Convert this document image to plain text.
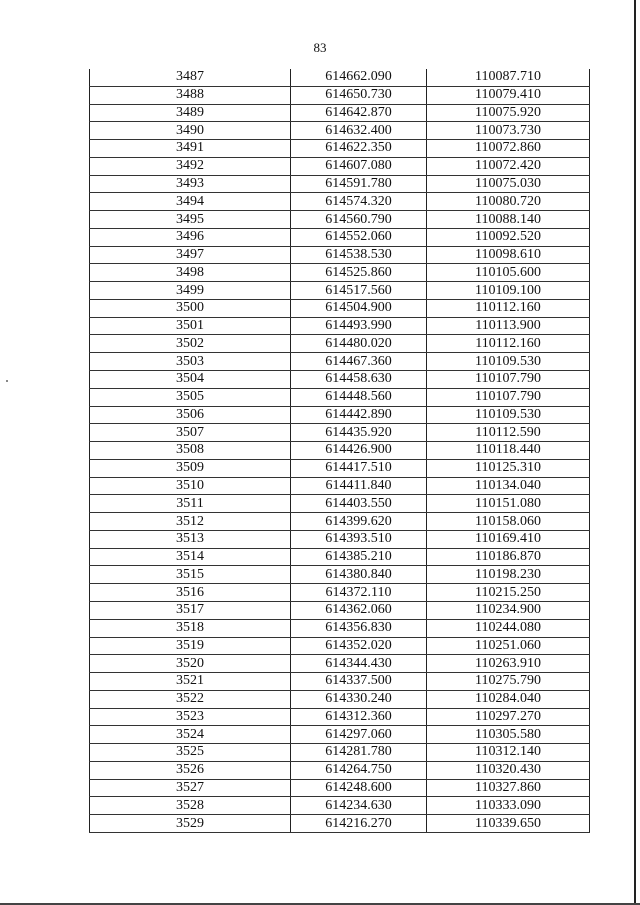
83
3487	614662.090	110087.710
3488	614650.730	110079.410
3489	614642.870	110075.920
3490	614632.400	110073.730
3491	614622.350	110072.860
3492	614607.080	110072.420
3493	614591.780	110075.030
3494	614574.320	110080.720
3495	614560.790	110088.140
3496	614552.060	110092.520
3497	614538.530	110098.610
3498	614525.860	110105.600
3499	614517.560	110109.100
3500	614504.900	110112.160
3501	614493.990	110113.900
3502	614480.020	110112.160
3503	614467.360	110109.530
3504	614458.630	110107.790
3505	614448.560	110107.790
3506	614442.890	110109.530
3507	614435.920	110112.590
3508	614426.900	110118.440
3509	614417.510	110125.310
3510	614411.840	110134.040
3511	614403.550	110151.080
3512	614399.620	110158.060
3513	614393.510	110169.410
3514	614385.210	110186.870
3515	614380.840	110198.230
3516	614372.110	110215.250
3517	614362.060	110234.900
3518	614356.830	110244.080
3519	614352.020	110251.060
3520	614344.430	110263.910
3521	614337.500	110275.790
3522	614330.240	110284.040
3523	614312.360	110297.270
3524	614297.060	110305.580
3525	614281.780	110312.140
3526	614264.750	110320.430
3527	614248.600	110327.860
3528	614234.630	110333.090
3529	614216.270	110339.650
